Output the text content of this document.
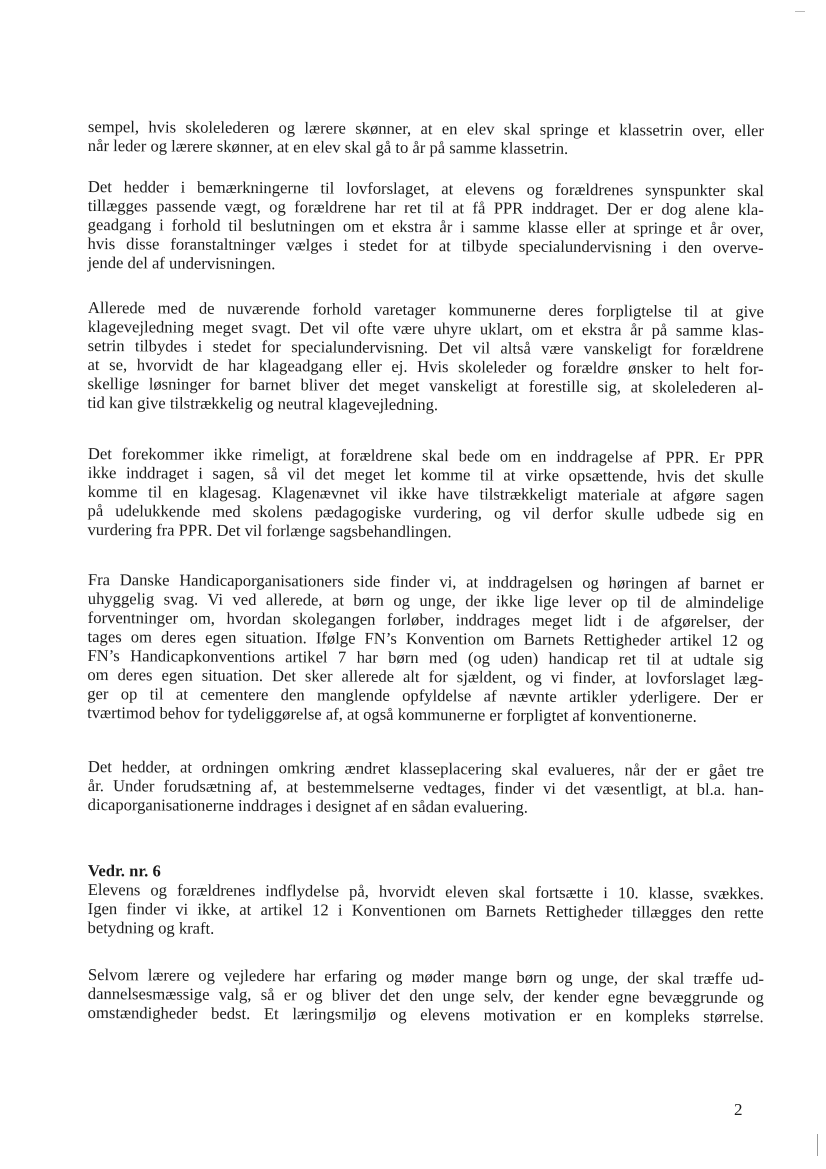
sempel, hvis skolelederen og lærere skønner, at en elev skal springe et klassetrin over, eller
når leder og lærere skønner, at en elev skal gå to år på samme klassetrin.
Det hedder i bemærkningerne til lovforslaget, at elevens og forældrenes synspunkter skal
tillægges passende vægt, og forældrene har ret til at få PPR inddraget. Der er dog alene kla-
geadgang i forhold til beslutningen om et ekstra år i samme klasse eller at springe et år over,
hvis disse foranstaltninger vælges i stedet for at tilbyde specialundervisning i den overve-
jende del af undervisningen.
Allerede med de nuværende forhold varetager kommunerne deres forpligtelse til at give
klagevejledning meget svagt. Det vil ofte være uhyre uklart, om et ekstra år på samme klas-
setrin tilbydes i stedet for specialundervisning. Det vil altså være vanskeligt for forældrene
at se, hvorvidt de har klageadgang eller ej. Hvis skoleleder og forældre ønsker to helt for-
skellige løsninger for barnet bliver det meget vanskeligt at forestille sig, at skolelederen al-
tid kan give tilstrækkelig og neutral klagevejledning.
Det forekommer ikke rimeligt, at forældrene skal bede om en inddragelse af PPR. Er PPR
ikke inddraget i sagen, så vil det meget let komme til at virke opsættende, hvis det skulle
komme til en klagesag. Klagenævnet vil ikke have tilstrækkeligt materiale at afgøre sagen
på udelukkende med skolens pædagogiske vurdering, og vil derfor skulle udbede sig en
vurdering fra PPR. Det vil forlænge sagsbehandlingen.
Fra Danske Handicaporganisationers side finder vi, at inddragelsen og høringen af barnet er
uhyggelig svag. Vi ved allerede, at børn og unge, der ikke lige lever op til de almindelige
forventninger om, hvordan skolegangen forløber, inddrages meget lidt i de afgørelser, der
tages om deres egen situation. Ifølge FN’s Konvention om Barnets Rettigheder artikel 12 og
FN’s Handicapkonventions artikel 7 har børn med (og uden) handicap ret til at udtale sig
om deres egen situation. Det sker allerede alt for sjældent, og vi finder, at lovforslaget læg-
ger op til at cementere den manglende opfyldelse af nævnte artikler yderligere. Der er
tværtimod behov for tydeliggørelse af, at også kommunerne er forpligtet af konventionerne.
Det hedder, at ordningen omkring ændret klasseplacering skal evalueres, når der er gået tre
år. Under forudsætning af, at bestemmelserne vedtages, finder vi det væsentligt, at bl.a. han-
dicaporganisationerne inddrages i designet af en sådan evaluering.
Vedr. nr. 6
Elevens og forældrenes indflydelse på, hvorvidt eleven skal fortsætte i 10. klasse, svækkes.
Igen finder vi ikke, at artikel 12 i Konventionen om Barnets Rettigheder tillægges den rette
betydning og kraft.
Selvom lærere og vejledere har erfaring og møder mange børn og unge, der skal træffe ud-
dannelsesmæssige valg, så er og bliver det den unge selv, der kender egne bevæggrunde og
omstændigheder bedst. Et læringsmiljø og elevens motivation er en kompleks størrelse.
2
